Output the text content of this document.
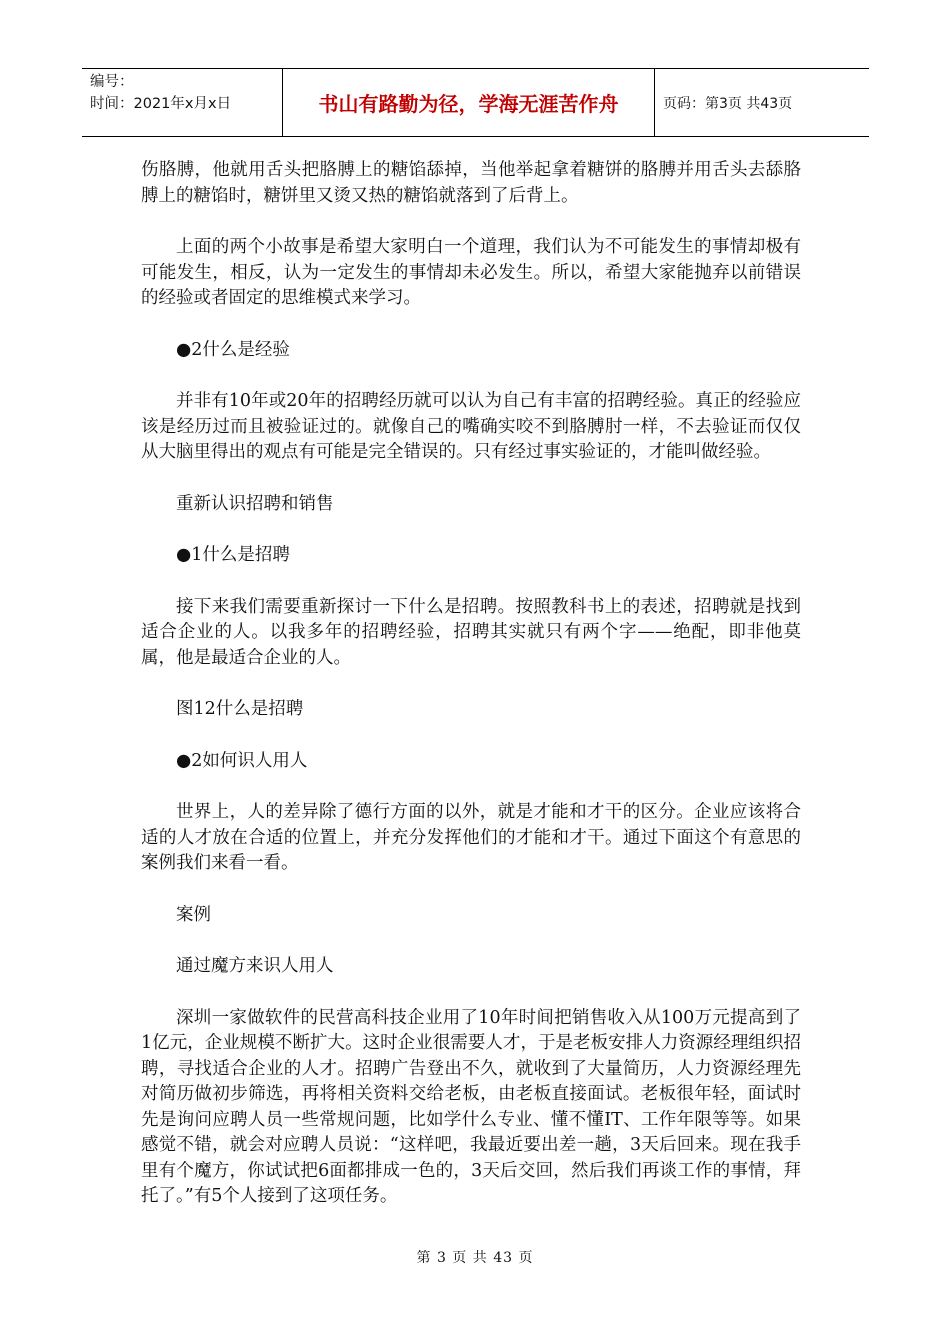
编号：
时间：2021年x月x日	书山有路勤为径，学海无涯苦作舟	页码：第3页 共43页

伤胳膊，他就用舌头把胳膊上的糖馅舔掉，当他举起拿着糖饼的胳膊并用舌头去舔胳膊上的糖馅时，糖饼里又烫又热的糖馅就落到了后背上。

上面的两个小故事是希望大家明白一个道理，我们认为不可能发生的事情却极有可能发生，相反，认为一定发生的事情却未必发生。所以，希望大家能抛弃以前错误的经验或者固定的思维模式来学习。

●2什么是经验

并非有10年或20年的招聘经历就可以认为自己有丰富的招聘经验。真正的经验应该是经历过而且被验证过的。就像自己的嘴确实咬不到胳膊肘一样，不去验证而仅仅从大脑里得出的观点有可能是完全错误的。只有经过事实验证的，才能叫做经验。

重新认识招聘和销售

●1什么是招聘

接下来我们需要重新探讨一下什么是招聘。按照教科书上的表述，招聘就是找到适合企业的人。以我多年的招聘经验，招聘其实就只有两个字——绝配，即非他莫属，他是最适合企业的人。

图12什么是招聘

●2如何识人用人

世界上，人的差异除了德行方面的以外，就是才能和才干的区分。企业应该将合适的人才放在合适的位置上，并充分发挥他们的才能和才干。通过下面这个有意思的案例我们来看一看。

案例

通过魔方来识人用人

深圳一家做软件的民营高科技企业用了10年时间把销售收入从100万元提高到了1亿元，企业规模不断扩大。这时企业很需要人才，于是老板安排人力资源经理组织招聘，寻找适合企业的人才。招聘广告登出不久，就收到了大量简历，人力资源经理先对简历做初步筛选，再将相关资料交给老板，由老板直接面试。老板很年轻，面试时先是询问应聘人员一些常规问题，比如学什么专业、懂不懂IT、工作年限等等。如果感觉不错，就会对应聘人员说：“这样吧，我最近要出差一趟，3天后回来。现在我手里有个魔方，你试试把6面都排成一色的，3天后交回，然后我们再谈工作的事情，拜托了。”有5个人接到了这项任务。

第 3 页 共 43 页
